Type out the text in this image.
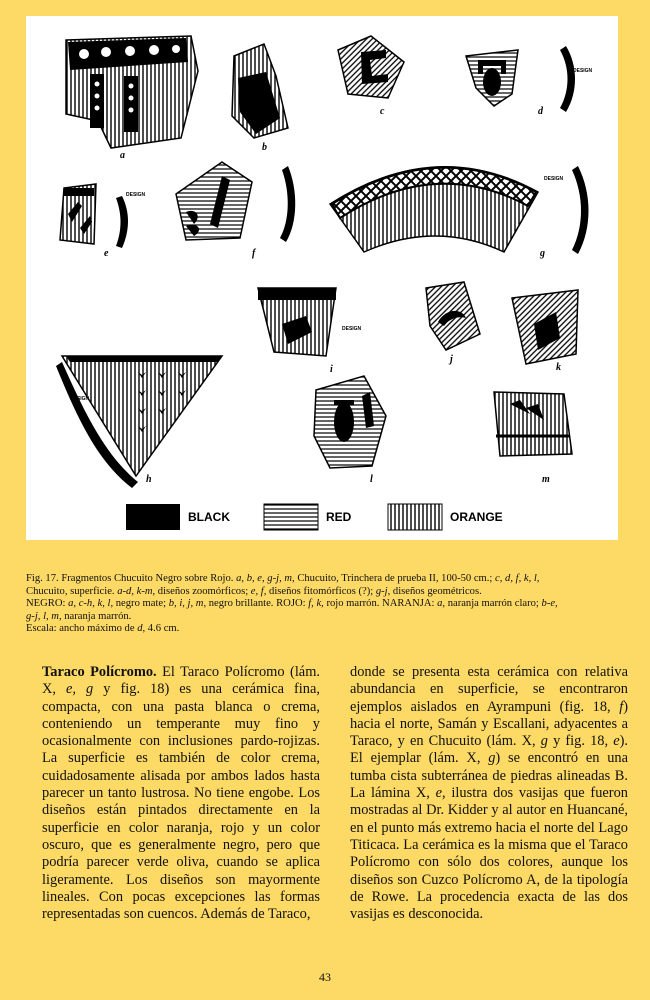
a
b
c
DESIGN
d
DESIGN
e	f
DESIGN
g
DESIGN
h
DESIGN
i
j
k
l	m
BLACK	RED	ORANGE

Fig. 17. Fragmentos Chucuito Negro sobre Rojo. a, b, e, g-j, m, Chucuito, Trinchera de prueba II, 100-50 cm.; c, d, f, k, l,

Chucuito, superficie. a-d, k-m, diseños zoomórficos; e, f, diseños fitomórficos (?); g-j, diseños geométricos.

NEGRO: a, c-h, k, l, negro mate; b, i, j, m, negro brillante. ROJO: f, k, rojo marrón. NARANJA: a, naranja marrón claro; b-e,

g-j, l, m, naranja marrón.

Escala: ancho máximo de d, 4.6 cm.

Taraco Polícromo. El Taraco Polícromo (lám. X, e, g y fig. 18) es una cerámica fina, compacta, con una pasta blanca o crema, conteniendo un temperante muy fino y ocasionalmente con inclusiones pardo-rojizas. La superficie es también de color crema, cuidadosamente alisada por ambos lados hasta parecer un tanto lustrosa. No tiene engobe. Los diseños están pintados directamente en la superficie en color naranja, rojo y un color oscuro, que es generalmente negro, pero que podría parecer verde oliva, cuando se aplica ligeramente. Los diseños son mayormente lineales. Con pocas excepciones las formas representadas son cuencos. Además de Taraco,

donde se presenta esta cerámica con relativa abundancia en superficie, se encontraron ejemplos aislados en Ayrampuni (fig. 18, f) hacia el norte, Samán y Escallani, adyacentes a Taraco, y en Chucuito (lám. X, g y fig. 18, e). El ejemplar (lám. X, g) se encontró en una tumba cista subterránea de piedras alineadas B. La lámina X, e, ilustra dos vasijas que fueron mostradas al Dr. Kidder y al autor en Huancané, en el punto más extremo hacia el norte del Lago Titicaca. La cerámica es la misma que el Taraco Polícromo con sólo dos colores, aunque los diseños son Cuzco Polícromo A, de la tipología de Rowe. La procedencia exacta de las dos vasijas es desconocida.

43
